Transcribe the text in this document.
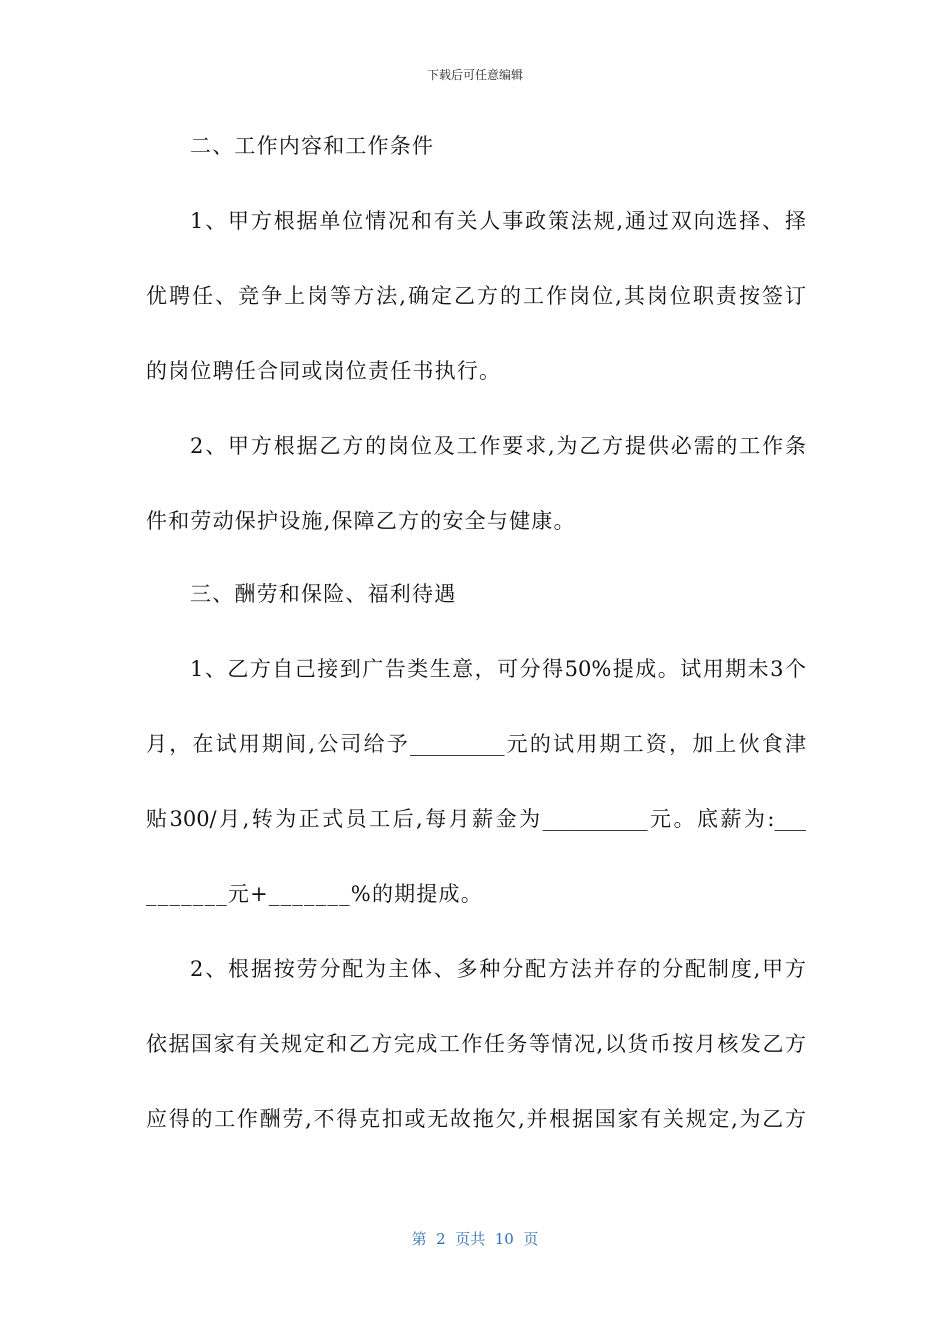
下载后可任意编辑
二、工作内容和工作条件
1、甲方根据单位情况和有关人事政策法规,通过双向选择、择
优聘任、竞争上岗等方法,确定乙方的工作岗位,其岗位职责按签订
的岗位聘任合同或岗位责任书执行。
2、甲方根据乙方的岗位及工作要求,为乙方提供必需的工作条
件和劳动保护设施,保障乙方的安全与健康。
三、酬劳和保险、福利待遇
1、乙方自己接到广告类生意，可分得50%提成。试用期未3个
月，在试用期间,公司给予_________元的试用期工资，加上伙食津
贴300/月,转为正式员工后,每月薪金为__________元。底薪为:___
_______元+_______%的期提成。
2、根据按劳分配为主体、多种分配方法并存的分配制度,甲方
依据国家有关规定和乙方完成工作任务等情况,以货币按月核发乙方
应得的工作酬劳,不得克扣或无故拖欠,并根据国家有关规定,为乙方
第  2  页共  10  页
